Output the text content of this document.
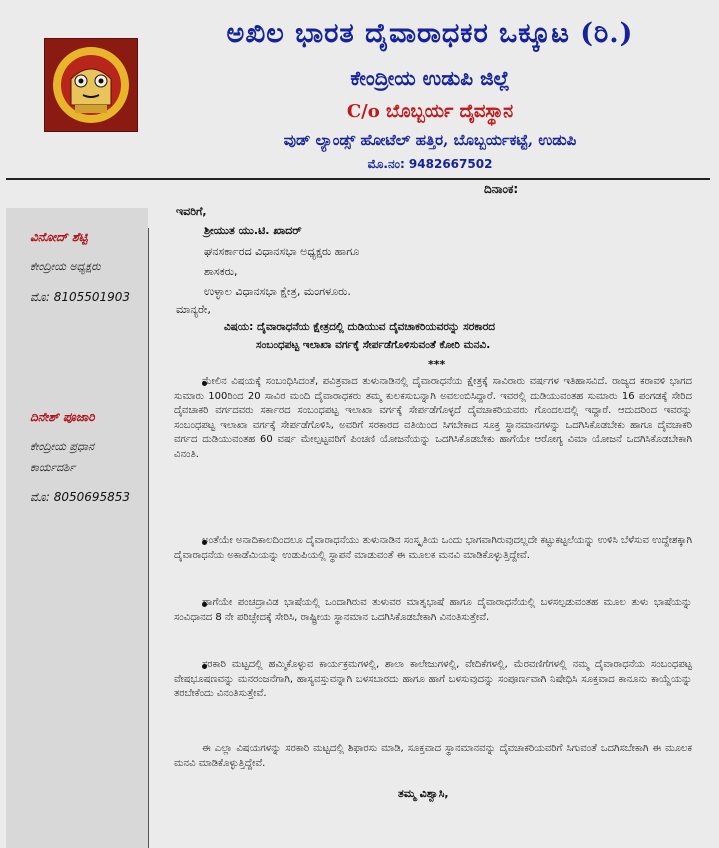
ಅಖಿಲ ಭಾರತ ದೈವಾರಾಧಕರ ಒಕ್ಕೂಟ (ರಿ.)
ಕೇಂದ್ರೀಯ ಉಡುಪಿ ಜಿಲ್ಲೆ
C/o ಬೊಬ್ಬರ್ಯ ದೈವಸ್ಥಾನ
ವುಡ್ ಲ್ಯಾಂಡ್ಸ್ ಹೋಟೆಲ್ ಹತ್ತಿರ, ಬೊಬ್ಬರ್ಯಕಟ್ಟೆ, ಉಡುಪಿ
ಮೊ.ನಂ: 9482667502
ದಿನಾಂಕ:
ವಿನೋದ್ ಶೆಟ್ಟಿ
ಕೇಂದ್ರೀಯ ಅಧ್ಯಕ್ಷರು
ಮೊ: 8105501903
ದಿನೇಶ್ ಪೂಜಾರಿ
ಕೇಂದ್ರೀಯ ಪ್ರಧಾನ
ಕಾರ್ಯದರ್ಶಿ
ಮೊ: 8050695853
ಇವರಿಗೆ,
ಶ್ರೀಯುತ ಯು.ಟಿ. ಖಾದರ್
ಘನಸರ್ಕಾರದ ವಿಧಾನಸಭಾ ಅಧ್ಯಕ್ಷರು ಹಾಗೂ
ಶಾಸಕರು,
ಉಳ್ಳಾಲ ವಿಧಾನಸಭಾ ಕ್ಷೇತ್ರ, ಮಂಗಳೂರು.
ಮಾನ್ಯರೇ,
ವಿಷಯ: ದೈವಾರಾಧನೆಯ ಕ್ಷೇತ್ರದಲ್ಲಿ ದುಡಿಯುವ ದೈವಚಾಕರಿಯವರನ್ನು ಸರಕಾರದ
ಸಂಬಂಧಪಟ್ಟ ಇಲಾಖಾ ವರ್ಗಕ್ಕೆ ಸೇರ್ಪಡೆಗೊಳಿಸುವಂತೆ ಕೋರಿ ಮನವಿ.
***
ಮೇಲಿನ ವಿಷಯಕ್ಕೆ ಸಂಬಂಧಿಸಿದಂತೆ, ಪವಿತ್ರವಾದ ತುಳುನಾಡಿನಲ್ಲಿ ದೈವಾರಾಧನೆಯ ಕ್ಷೇತ್ರಕ್ಕೆ ಸಾವಿರಾರು ವರ್ಷಗಳ ಇತಿಹಾಸವಿದೆ. ರಾಜ್ಯದ ಕರಾವಳಿ ಭಾಗದ ಸುಮಾರು 100ರಿಂದ 20 ಸಾವಿರ ಮಂದಿ ದೈವಾರಾಧಕರು ತಮ್ಮ ಕುಲಕಸುಬನ್ನಾಗಿ ಅವಲಂಬಿಸಿದ್ದಾರೆ. ಇವರಲ್ಲಿ ದುಡಿಯುವಂತಹ ಸುಮಾರು 16 ಪಂಗಡಕ್ಕೆ ಸೇರಿದ ದೈವಚಾಕರಿ ವರ್ಗದವರು ಸರ್ಕಾರದ ಸಂಬಂಧಪಟ್ಟ ಇಲಾಖಾ ವರ್ಗಕ್ಕೆ ಸೇರ್ಪಡೆಗೊಳ್ಳದೆ ದೈವಚಾಕರಿಯವರು ಗೊಂದಲದಲ್ಲಿ ಇದ್ದಾರೆ. ಆದುದರಿಂದ ಇವರನ್ನು ಸಂಬಂಧಪಟ್ಟ ಇಲಾಖಾ ವರ್ಗಕ್ಕೆ ಸೇರ್ಪಡೆಗೊಳಿಸಿ, ಅವರಿಗೆ ಸರಕಾರದ ವತಿಯಿಂದ ಸಿಗಬೇಕಾದ ಸೂಕ್ತ ಸ್ಥಾನಮಾನಗಳನ್ನು ಒದಗಿಸಿಕೊಡಬೇಕು ಹಾಗೂ ದೈವಚಾಕರಿ ವರ್ಗದ ದುಡಿಯುವಂತಹ 60 ವರ್ಷ ಮೇಲ್ಪಟ್ಟವರಿಗೆ ಪಿಂಚಣಿ ಯೋಜನೆಯನ್ನು ಒದಗಿಸಿಕೊಡಬೇಕು ಹಾಗೆಯೇ ಆರೋಗ್ಯ ವಿಮಾ ಯೋಜನೆ ಒದಗಿಸಿಕೊಡಬೇಕಾಗಿ ವಿನಂತಿ.
ಅಂತೆಯೇ ಅನಾದಿಕಾಲದಿಂದಲೂ ದೈವಾರಾಧನೆಯು ತುಳುನಾಡಿನ ಸಂಸ್ಕೃತಿಯ ಒಂದು ಭಾಗವಾಗಿರುವುದಲ್ಲದೇ ಕಟ್ಟುಕಟ್ಟಲೆಯನ್ನು ಉಳಿಸಿ ಬೆಳೆಸುವ ಉದ್ದೇಶಕ್ಕಾಗಿ ದೈವಾರಾಧನೆಯ ಅಕಾಡೆಮಿಯನ್ನು ಉಡುಪಿಯಲ್ಲಿ ಸ್ಥಾಪನೆ ಮಾಡುವಂತೆ ಈ ಮೂಲಕ ಮನವಿ ಮಾಡಿಕೊಳ್ಳುತ್ತಿದ್ದೇವೆ.
ಹಾಗೆಯೇ ಪಂಚದ್ರಾವಿಡ ಭಾಷೆಯಲ್ಲಿ ಒಂದಾಗಿರುವ ತುಳುವರ ಮಾತೃಭಾಷೆ ಹಾಗೂ ದೈವಾರಾಧನೆಯಲ್ಲಿ ಬಳಸಲ್ಪಡುವಂತಹ ಮೂಲ ತುಳು ಭಾಷೆಯನ್ನು ಸಂವಿಧಾನದ 8 ನೇ ಪರಿಚ್ಛೇದಕ್ಕೆ ಸೇರಿಸಿ, ರಾಷ್ಟ್ರೀಯ ಸ್ಥಾನಮಾನ ಒದಗಿಸಿಕೊಡಬೇಕಾಗಿ ವಿನಂತಿಸುತ್ತೇವೆ.
ಸರಕಾರಿ ಮಟ್ಟದಲ್ಲಿ ಹಮ್ಮಿಕೊಳ್ಳುವ ಕಾರ್ಯಕ್ರಮಗಳಲ್ಲಿ, ಶಾಲಾ ಕಾಲೇಜುಗಳಲ್ಲಿ, ವೇದಿಕೆಗಳಲ್ಲಿ, ಮೆರವಣಿಗೆಗಳಲ್ಲಿ ನಮ್ಮ ದೈವಾರಾಧನೆಯ ಸಂಬಂಧಪಟ್ಟ ವೇಷಭೂಷಣವನ್ನು ಮನರಂಜನೆಗಾಗಿ, ಹಾಸ್ಯವಸ್ತುವನ್ನಾಗಿ ಬಳಸಬಾರದು ಹಾಗೂ ಹಾಗೆ ಬಳಸುವುದನ್ನು ಸಂಪೂರ್ಣವಾಗಿ ನಿಷೇಧಿಸಿ ಸೂಕ್ತವಾದ ಕಾನೂನು ಕಾಯ್ದೆಯನ್ನು ತರಬೇಕೆಂದು ವಿನಂತಿಸುತ್ತೇವೆ.
ಈ ಎಲ್ಲಾ ವಿಷಯಗಳನ್ನು ಸರಕಾರಿ ಮಟ್ಟದಲ್ಲಿ ಶಿಫಾರಸು ಮಾಡಿ, ಸೂಕ್ತವಾದ ಸ್ಥಾನಮಾನವನ್ನು ದೈವಚಾಕರಿಯವರಿಗೆ ಸಿಗುವಂತೆ ಒದಗಿಸಬೇಕಾಗಿ ಈ ಮೂಲಕ ಮನವಿ ಮಾಡಿಕೊಳ್ಳುತ್ತಿದ್ದೇವೆ.
ತಮ್ಮ ವಿಶ್ವಾಸಿ,
